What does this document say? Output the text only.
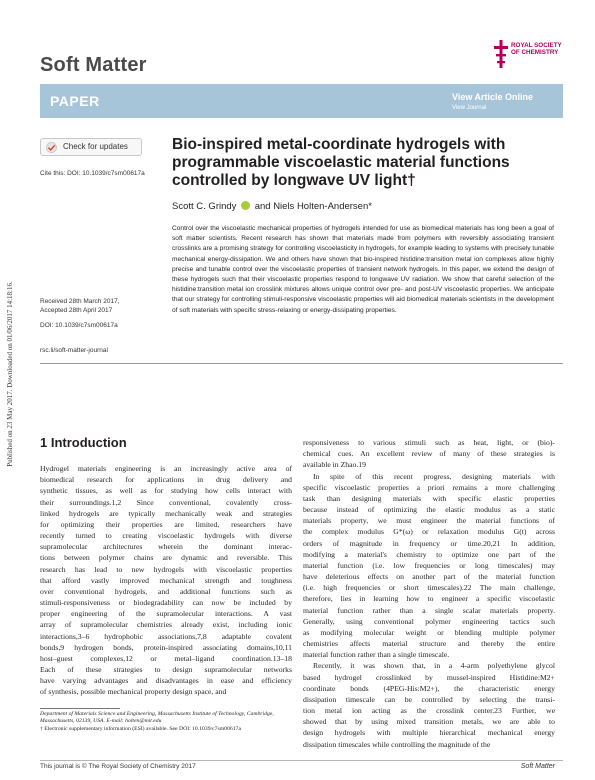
Published on 23 May 2017. Downloaded on 01/06/2017 14:18:16.
Soft Matter
ROYAL SOCIETY
OF CHEMISTRY
PAPER	View Article Online
View Journal
Check for updates
Cite this: DOI: 10.1039/c7sm00617a
Bio-inspired metal-coordinate hydrogels with programmable viscoelastic material functions controlled by longwave UV light†
Scott C. Grindy and Niels Holten-Andersen*

Control over the viscoelastic mechanical properties of hydrogels intended for use as biomedical materials has long been a goal of soft matter scientists. Recent research has shown that materials made from polymers with reversibly associating transient crosslinks are a promising strategy for controlling viscoelasticity in hydrogels, for example leading to systems with precisely tunable mechanical energy-dissipation. We and others have shown that bio-inspired histidine:transition metal ion complexes allow highly precise and tunable control over the viscoelastic properties of transient network hydrogels. In this paper, we extend the design of these hydrogels such that their viscoelastic properties respond to longwave UV radiation. We show that careful selection of the histidine:transition metal ion crosslink mixtures allows unique control over pre- and post-UV viscoelastic properties. We anticipate that our strategy for controlling stimuli-responsive viscoelastic properties will aid biomedical materials scientists in the development of soft materials with specific stress-relaxing or energy-dissipating properties.

Received 28th March 2017,
Accepted 28th April 2017
DOI: 10.1039/c7sm00617a
rsc.li/soft-matter-journal
1 Introduction
Hydrogel materials engineering is an increasingly active area of
biomedical research for applications in drug delivery and
synthetic tissues, as well as for studying how cells interact with
their surroundings.1,2 Since conventional, covalently cross-
linked hydrogels are typically mechanically weak and strategies
for optimizing their properties are limited, researchers have
recently turned to creating viscoelastic hydrogels with diverse
supramolecular architectures wherein the dominant interac-
tions between polymer chains are dynamic and reversible. This
research has lead to new hydrogels with viscoelastic properties
that afford vastly improved mechanical strength and toughness
over conventional hydrogels, and additional functions such as
stimuli-responsiveness or biodegradability can now be included by
proper engineering of the supramolecular interactions. A vast
array of supramolecular chemistries already exist, including ionic
interactions,3–6 hydrophobic associations,7,8 adaptable covalent
bonds,9 hydrogen bonds, protein-inspired associating domains,10,11
host–guest complexes,12 or metal–ligand coordination.13–18
Each of these strategies to design supramolecular networks
have varying advantages and disadvantages in ease and efficiency
of synthesis, possible mechanical property design space, and
responsiveness to various stimuli such as heat, light, or (bio)-
chemical cues. An excellent review of many of these strategies is
available in Zhao.19
In spite of this recent progress, designing materials with
specific viscoelastic properties a priori remains a more challenging
task than designing materials with specific elastic properties
because instead of optimizing the elastic modulus as a static
materials property, we must engineer the material functions of
the complex modulus G*(ω) or relaxation modulus G(t) across
orders of magnitude in frequency or time.20,21 In addition,
modifying a material's chemistry to optimize one part of the
material function (i.e. low frequencies or long timescales) may
have deleterious effects on another part of the material function
(i.e. high frequencies or short timescales).22 The main challenge,
therefore, lies in learning how to engineer a specific viscoelastic
material function rather than a single scalar materials property.
Generally, using conventional polymer engineering tactics such
as modifying molecular weight or blending multiple polymer
chemistries affects material structure and thereby the entire
material function rather than a single timescale.
Recently, it was shown that, in a 4-arm polyethylene glycol
based hydrogel crosslinked by mussel-inspired Histidine:M2+
coordinate bonds (4PEG-His:M2+), the characteristic energy
dissipation timescale can be controlled by selecting the transi-
tion metal ion acting as the crosslink center.23 Further, we
showed that by using mixed transition metals, we are able to
design hydrogels with multiple hierarchical mechanical energy
dissipation timescales while controlling the magnitude of the
Department of Materials Science and Engineering, Massachusetts Institute of Technology, Cambridge, Massachusetts, 02139, USA. E-mail: holten@mit.edu
† Electronic supplementary information (ESI) available. See DOI: 10.1039/c7sm00617a
This journal is © The Royal Society of Chemistry 2017	Soft Matter
